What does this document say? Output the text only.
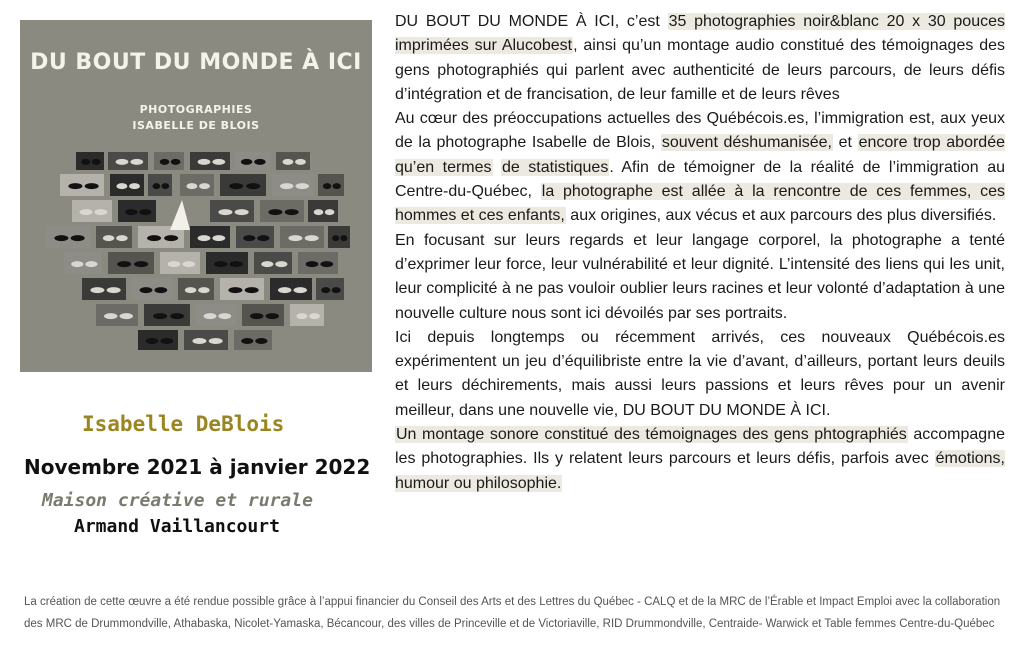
DU BOUT DU MONDE À ICI
PHOTOGRAPHIES
ISABELLE DE BLOIS
Isabelle DeBlois
Novembre 2021 à janvier 2022
Maison créative et rurale
Armand Vaillancourt

DU BOUT DU MONDE À ICI, c’est 35 photographies noir&blanc 20 x 30 pouces imprimées sur Alucobest, ainsi qu’un montage audio constitué des témoignages des gens photographiés qui parlent avec authenticité de leurs parcours, de leurs défis d’intégration et de francisation, de leur famille et de leurs rêves

Au cœur des préoccupations actuelles des Québécois.es, l’immigration est, aux yeux de la photographe Isabelle de Blois, souvent déshumanisée, et encore trop abordée qu’en termes de statistiques. Afin de témoigner de la réalité de l’immigration au Centre-du-Québec, la photographe est allée à la rencontre de ces femmes, ces hommes et ces enfants, aux origines, aux vécus et aux parcours des plus diversifiés.

En focusant sur leurs regards et leur langage corporel, la photographe a tenté d’exprimer leur force, leur vulnérabilité et leur dignité. L’intensité des liens qui les unit, leur complicité à ne pas vouloir oublier leurs racines et leur volonté d’adaptation à une nouvelle culture nous sont ici dévoilés par ses portraits.

Ici depuis longtemps ou récemment arrivés, ces nouveaux Québécois.es expérimentent un jeu d’équilibriste entre la vie d’avant, d’ailleurs, portant leurs deuils et leurs déchirements, mais aussi leurs passions et leurs rêves pour un avenir meilleur, dans une nouvelle vie, DU BOUT DU MONDE À ICI.

Un montage sonore constitué des témoignages des gens phtographiés accompagne les photographies. Ils y relatent leurs parcours et leurs défis, parfois avec émotions, humour ou philosophie.

La création de cette œuvre a été rendue possible grâce à l’appui financier du Conseil des Arts et des Lettres du Québec - CALQ et de la MRC de l’Érable et Impact Emploi avec la collaboration des MRC de Drummondville, Athabaska, Nicolet-Yamaska, Bécancour, des villes de Princeville et de Victoriaville, RID Drummondville, Centraide- Warwick et Table femmes Centre-du-Québec
